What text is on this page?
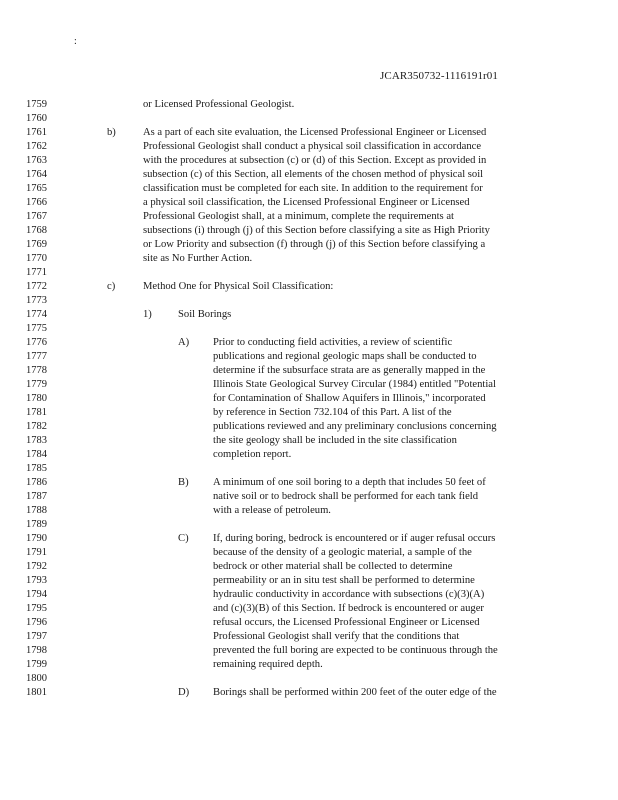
:
JCAR350732-1116191r01
1759
1760
1761
1762
1763
1764
1765
1766
1767
1768
1769
1770
1771
1772
1773
1774
1775
1776
1777
1778
1779
1780
1781
1782
1783
1784
1785
1786
1787
1788
1789
1790
1791
1792
1793
1794
1795
1796
1797
1798
1799
1800
1801
or Licensed Professional Geologist.
b)	As a part of each site evaluation, the Licensed Professional Engineer or Licensed
Professional Geologist shall conduct a physical soil classification in accordance
with the procedures at subsection (c) or (d) of this Section. Except as provided in
subsection (c) of this Section, all elements of the chosen method of physical soil
classification must be completed for each site. In addition to the requirement for
a physical soil classification, the Licensed Professional Engineer or Licensed
Professional Geologist shall, at a minimum, complete the requirements at
subsections (i) through (j) of this Section before classifying a site as High Priority
or Low Priority and subsection (f) through (j) of this Section before classifying a
site as No Further Action.
c)	Method One for Physical Soil Classification:
1) Soil Borings
A) Prior to conducting field activities, a review of scientific
publications and regional geologic maps shall be conducted to
determine if the subsurface strata are as generally mapped in the
Illinois State Geological Survey Circular (1984) entitled "Potential
for Contamination of Shallow Aquifers in Illinois," incorporated
by reference in Section 732.104 of this Part. A list of the
publications reviewed and any preliminary conclusions concerning
the site geology shall be included in the site classification
completion report.
B) A minimum of one soil boring to a depth that includes 50 feet of
native soil or to bedrock shall be performed for each tank field
with a release of petroleum.
C) If, during boring, bedrock is encountered or if auger refusal occurs
because of the density of a geologic material, a sample of the
bedrock or other material shall be collected to determine
permeability or an in situ test shall be performed to determine
hydraulic conductivity in accordance with subsections (c)(3)(A)
and (c)(3)(B) of this Section. If bedrock is encountered or auger
refusal occurs, the Licensed Professional Engineer or Licensed
Professional Geologist shall verify that the conditions that
prevented the full boring are expected to be continuous through the
remaining required depth.
D) Borings shall be performed within 200 feet of the outer edge of the
